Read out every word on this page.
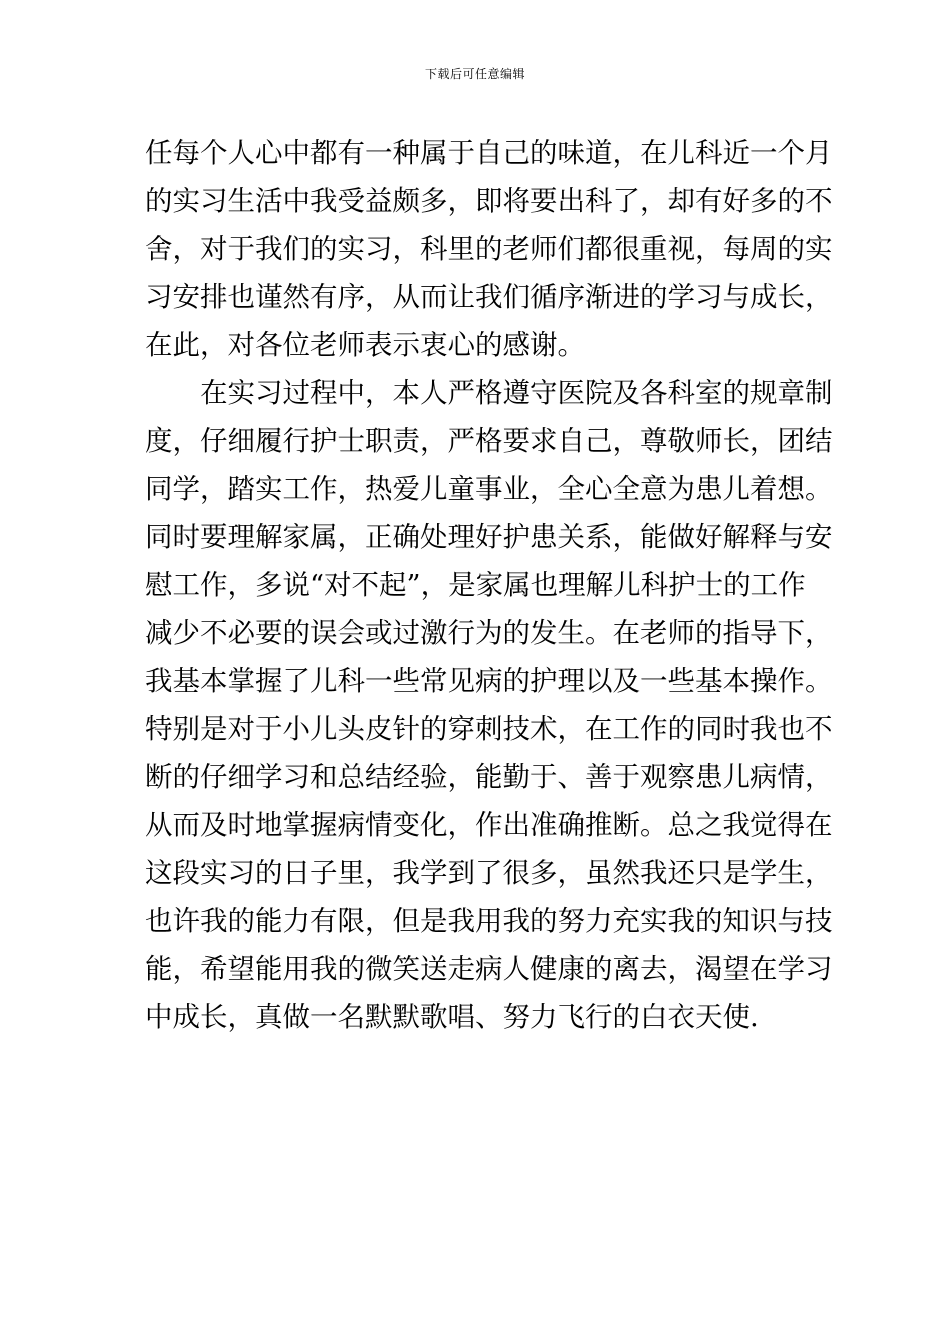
下载后可任意编辑
任每个人心中都有一种属于自己的味道，在儿科近一个月
的实习生活中我受益颇多，即将要出科了，却有好多的不
舍，对于我们的实习，科里的老师们都很重视，每周的实
习安排也谨然有序，从而让我们循序渐进的学习与成长，
在此，对各位老师表示衷心的感谢。
在实习过程中，本人严格遵守医院及各科室的规章制
度，仔细履行护士职责，严格要求自己，尊敬师长，团结
同学，踏实工作，热爱儿童事业，全心全意为患儿着想。
同时要理解家属，正确处理好护患关系，能做好解释与安
慰工作，多说“对不起”，是家属也理解儿科护士的工作
减少不必要的误会或过激行为的发生。在老师的指导下，
我基本掌握了儿科一些常见病的护理以及一些基本操作。
特别是对于小儿头皮针的穿刺技术，在工作的同时我也不
断的仔细学习和总结经验，能勤于、善于观察患儿病情，
从而及时地掌握病情变化，作出准确推断。总之我觉得在
这段实习的日子里，我学到了很多，虽然我还只是学生，
也许我的能力有限，但是我用我的努力充实我的知识与技
能，希望能用我的微笑送走病人健康的离去，渴望在学习
中成长，真做一名默默歌唱、努力飞行的白衣天使.
